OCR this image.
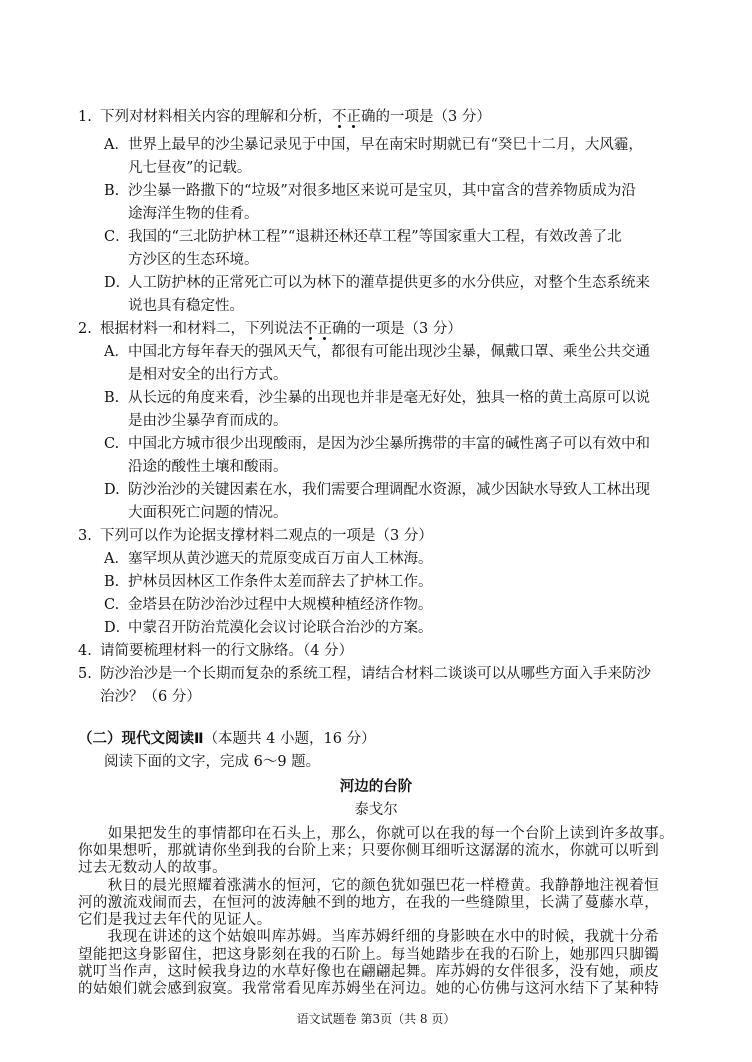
1. 下列对材料相关内容的理解和分析，不正确的一项是（3 分）
A．世界上最早的沙尘暴记录见于中国，早在南宋时期就已有“癸巳十二月，大风霾，
凡七昼夜”的记载。
B. 沙尘暴一路撒下的“垃圾”对很多地区来说可是宝贝，其中富含的营养物质成为沿
途海洋生物的佳肴。
C．我国的“三北防护林工程”“退耕还林还草工程”等国家重大工程，有效改善了北
方沙区的生态环境。
D．人工防护林的正常死亡可以为林下的灌草提供更多的水分供应，对整个生态系统来
说也具有稳定性。
2. 根据材料一和材料二，下列说法不正确的一项是（3 分）
A．中国北方每年春天的强风天气，都很有可能出现沙尘暴，佩戴口罩、乘坐公共交通
是相对安全的出行方式。
B. 从长远的角度来看，沙尘暴的出现也并非是毫无好处，独具一格的黄土高原可以说
是由沙尘暴孕育而成的。
C. 中国北方城市很少出现酸雨，是因为沙尘暴所携带的丰富的碱性离子可以有效中和
沿途的酸性土壤和酸雨。
D. 防沙治沙的关键因素在水，我们需要合理调配水资源，减少因缺水导致人工林出现
大面积死亡问题的情况。
3. 下列可以作为论据支撑材料二观点的一项是（3 分）
A．塞罕坝从黄沙遮天的荒原变成百万亩人工林海。
B. 护林员因林区工作条件太差而辞去了护林工作。
C. 金塔县在防沙治沙过程中大规模种植经济作物。
D．中蒙召开防治荒漠化会议讨论联合治沙的方案。
4. 请简要梳理材料一的行文脉络。（4 分）
5. 防沙治沙是一个长期而复杂的系统工程，请结合材料二谈谈可以从哪些方面入手来防沙
治沙？（6 分）
（二）现代文阅读Ⅱ（本题共 4 小题，16 分）
阅读下面的文字，完成 6～9 题。
河边的台阶
泰戈尔
　　如果把发生的事情都印在石头上，那么，你就可以在我的每一个台阶上读到许多故事。
你如果想听，那就请你坐到我的台阶上来；只要你侧耳细听这潺潺的流水，你就可以听到
过去无数动人的故事。
　　秋日的晨光照耀着涨满水的恒河，它的颜色犹如强巴花一样橙黄。我静静地注视着恒
河的激流戏闹而去，在恒河的波涛触不到的地方，在我的一些缝隙里，长满了蔓藤水草，
它们是我过去年代的见证人。
　　我现在讲述的这个姑娘叫库苏姆。当库苏姆纤细的身影映在水中的时候，我就十分希
语文试题卷 第3页（共 8 页）
望能把这身影留住，把这身影刻在我的石阶上。每当她踏步在我的石阶上，她那四只脚镯
就叮当作声，这时候我身边的水草好像也在翩翩起舞。库苏姆的女伴很多，没有她，顽皮
的姑娘们就会感到寂寞。我常常看见库苏姆坐在河边。她的心仿佛与这河水结下了某种特
